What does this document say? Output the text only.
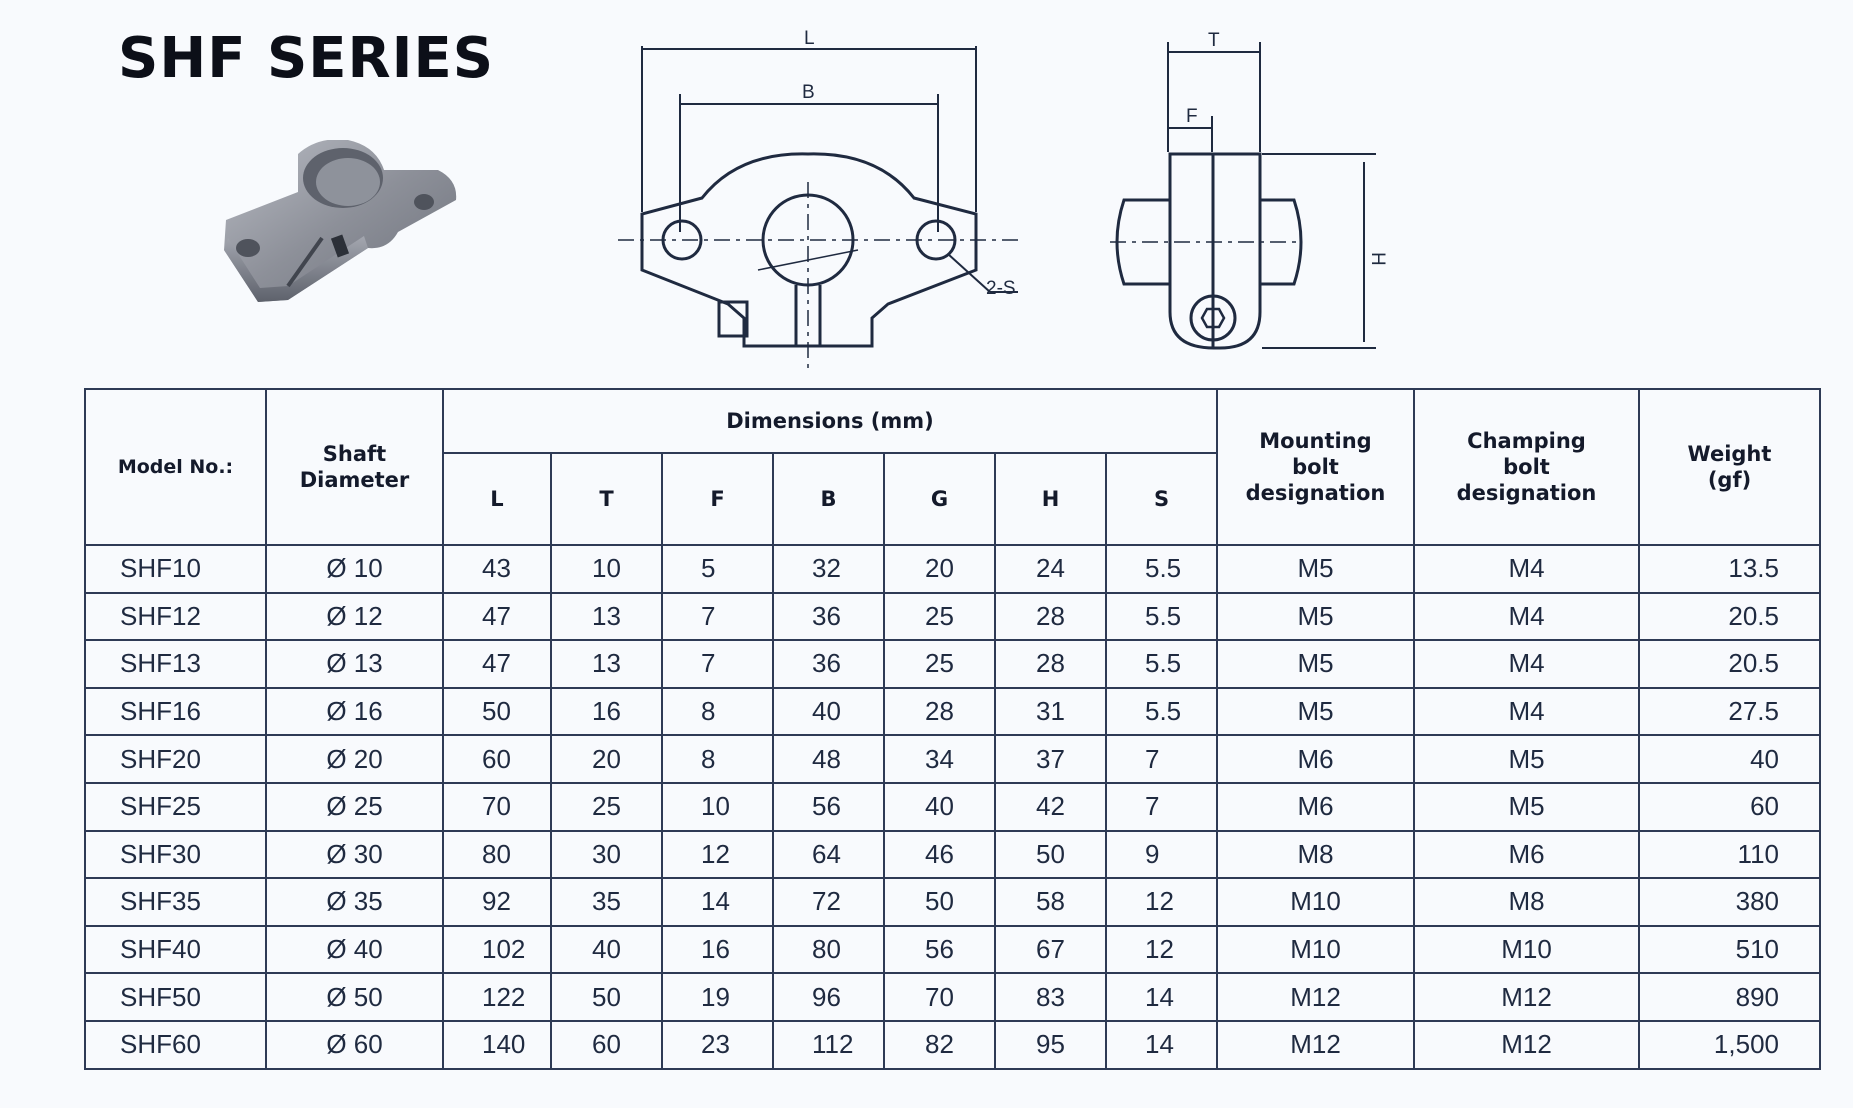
SHF SERIES	L
B
2-S
T
F
H
Model No.:	Shaft
Diameter	Dimensions (mm)							Mounting
bolt
designation	Champing
bolt
designation	Weight
(gf)
		L	T	F	B	G	H	S			
SHF10	Ø 10	43	10	5	32	20	24	5.5	M5	M4	13.5
SHF12	Ø 12	47	13	7	36	25	28	5.5	M5	M4	20.5
SHF13	Ø 13	47	13	7	36	25	28	5.5	M5	M4	20.5
SHF16	Ø 16	50	16	8	40	28	31	5.5	M5	M4	27.5
SHF20	Ø 20	60	20	8	48	34	37	7	M6	M5	40
SHF25	Ø 25	70	25	10	56	40	42	7	M6	M5	60
SHF30	Ø 30	80	30	12	64	46	50	9	M8	M6	110
SHF35	Ø 35	92	35	14	72	50	58	12	M10	M8	380
SHF40	Ø 40	102	40	16	80	56	67	12	M10	M10	510
SHF50	Ø 50	122	50	19	96	70	83	14	M12	M12	890
SHF60	Ø 60	140	60	23	112	82	95	14	M12	M12	1,500
